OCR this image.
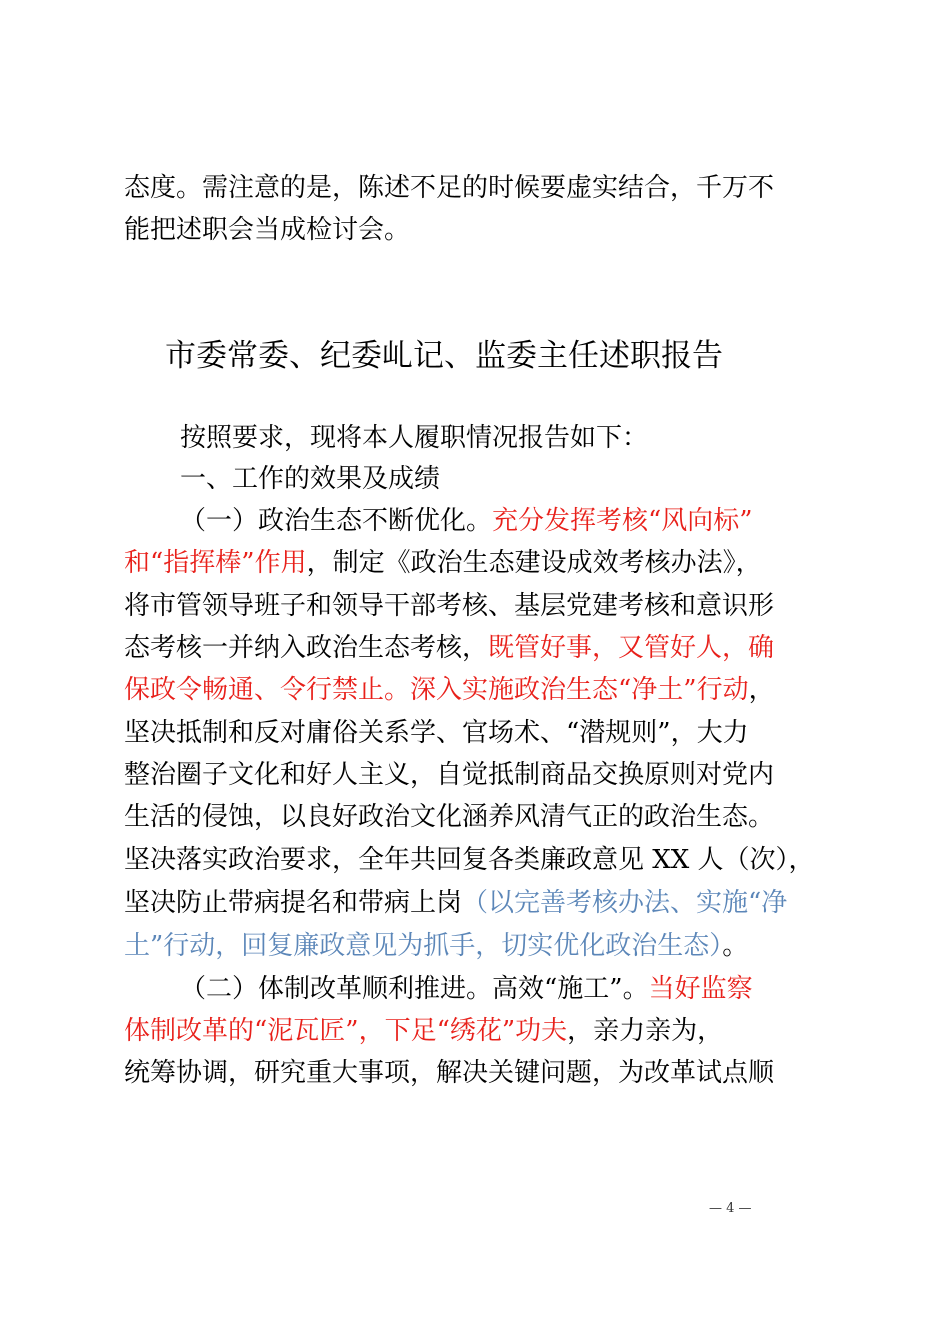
态度。需注意的是，陈述不足的时候要虚实结合，千万不
能把述职会当成检讨会。
市委常委、纪委乢记、监委主任述职报告
按照要求，现将本人履职情况报告如下：
一、工作的效果及成绩
（一）政治生态不断优化。充分发挥考核“风向标”
和“指挥棒”作用，制定《政治生态建设成效考核办法》，
将市管领导班子和领导干部考核、基层党建考核和意识形
态考核一并纳入政治生态考核，既管好事，又管好人，确
保政令畅通、令行禁止。深入实施政治生态“净土”行动，
坚决抵制和反对庸俗关系学、官场术、“潜规则”，大力
整治圈子文化和好人主义，自觉抵制商品交换原则对党内
生活的侵蚀，以良好政治文化涵养风清气正的政治生态。
坚决落实政治要求，全年共回复各类廉政意见 XX 人（次），
坚决防止带病提名和带病上岗（以完善考核办法、实施“净
土”行动，回复廉政意见为抓手，切实优化政治生态）。
（二）体制改革顺利推进。高效“施工”。当好监察
体制改革的“泥瓦匠”，下足“绣花”功夫，亲力亲为，
统筹协调，研究重大事项，解决关键问题，为改革试点顺
— 4 —
